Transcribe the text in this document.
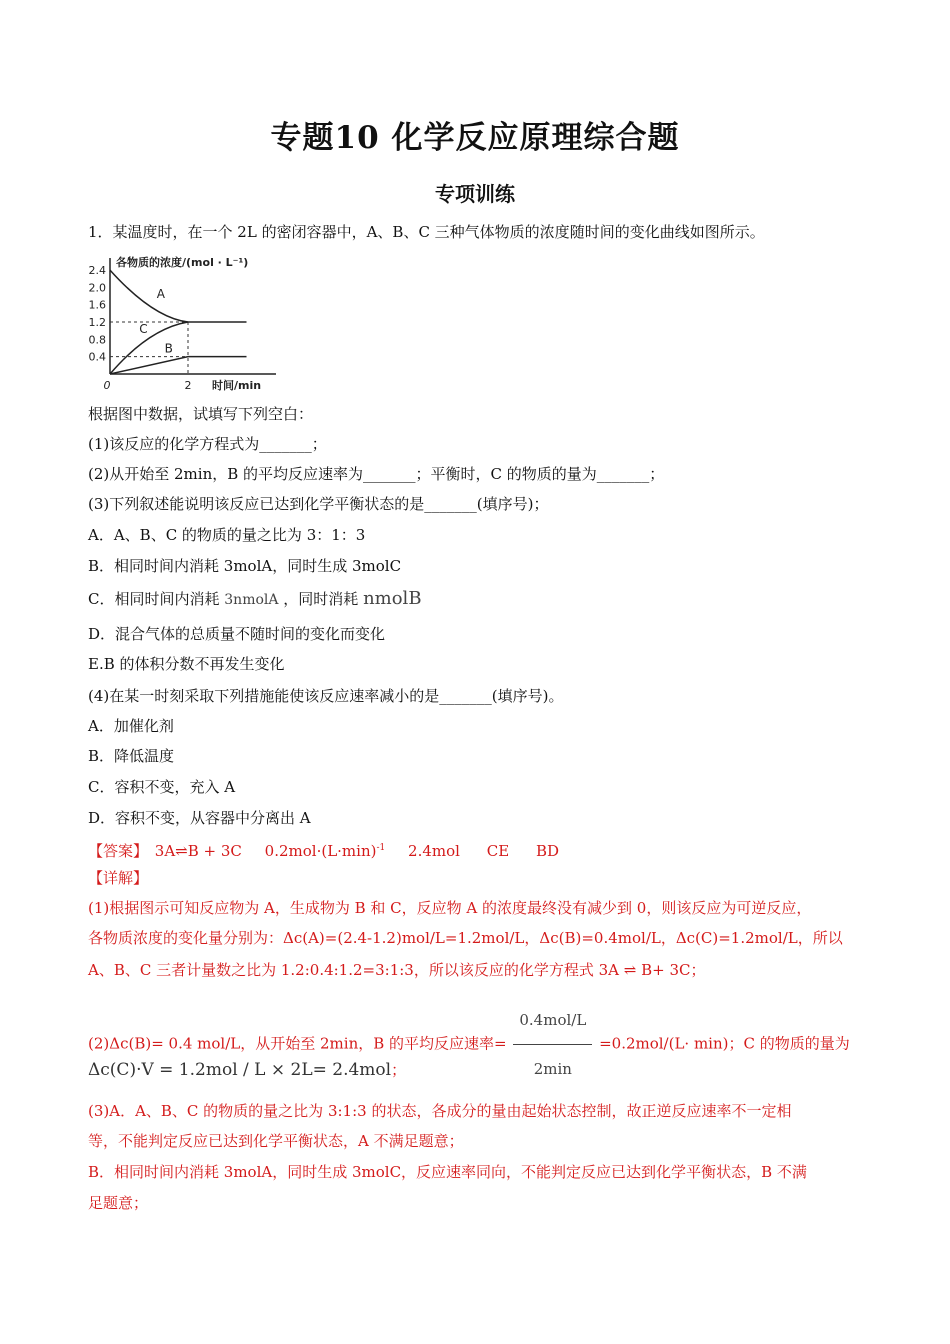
专题10 化学反应原理综合题
专项训练
1．某温度时，在一个 2L 的密闭容器中，A、B、C 三种气体物质的浓度随时间的变化曲线如图所示。
2.4
2.0
1.6
1.2
0.8
0.4
0	2
A
C
B
各物质的浓度/(mol · L⁻¹)
时间/min
根据图中数据，试填写下列空白：
(1)该反应的化学方程式为_______；
(2)从开始至 2min，B 的平均反应速率为_______；平衡时，C 的物质的量为_______；
(3)下列叙述能说明该反应已达到化学平衡状态的是_______(填序号)；
A．A、B、C 的物质的量之比为 3：1：3
B．相同时间内消耗 3molA，同时生成 3molC
C．相同时间内消耗 3nmolA ，同时消耗 nmolB
D．混合气体的总质量不随时间的变化而变化
E.B 的体积分数不再发生变化
(4)在某一时刻采取下列措施能使该反应速率减小的是_______(填序号)。
A．加催化剂
B．降低温度
C．容积不变，充入 A
D．容积不变，从容器中分离出 A
【答案】 3A⇌B + 3C $0.2mol\cdot(L\cdot\min)^{-1}$ 2.4mol CE BD
【详解】
(1)根据图示可知反应物为 A，生成物为 B 和 C，反应物 A 的浓度最终没有减少到 0，则该反应为可逆反应，
各物质浓度的变化量分别为：Δc(A)=(2.4-1.2)mol/L=1.2mol/L，Δc(B)=0.4mol/L，Δc(C)=1.2mol/L，所以
A、B、C 三者计量数之比为 1.2:0.4:1.2=3:1:3，所以该反应的化学方程式 3A ⇌ B+ 3C；
(2)Δc(B)= 0.4 mol/L，从开始至 2min，B 的平均反应速率= $\frac{\text{0.4mol/L}}{2\min} =0.2mol/(L\cdot \min)$；C 的物质的量为
Δc(C)·V = 1.2mol / L × 2L= 2.4mol；
(3)A．A、B、C 的物质的量之比为 3:1:3 的状态，各成分的量由起始状态控制，故正逆反应速率不一定相
等，不能判定反应已达到化学平衡状态，A 不满足题意；
B．相同时间内消耗 3molA，同时生成 3molC，反应速率同向，不能判定反应已达到化学平衡状态，B 不满
足题意；
